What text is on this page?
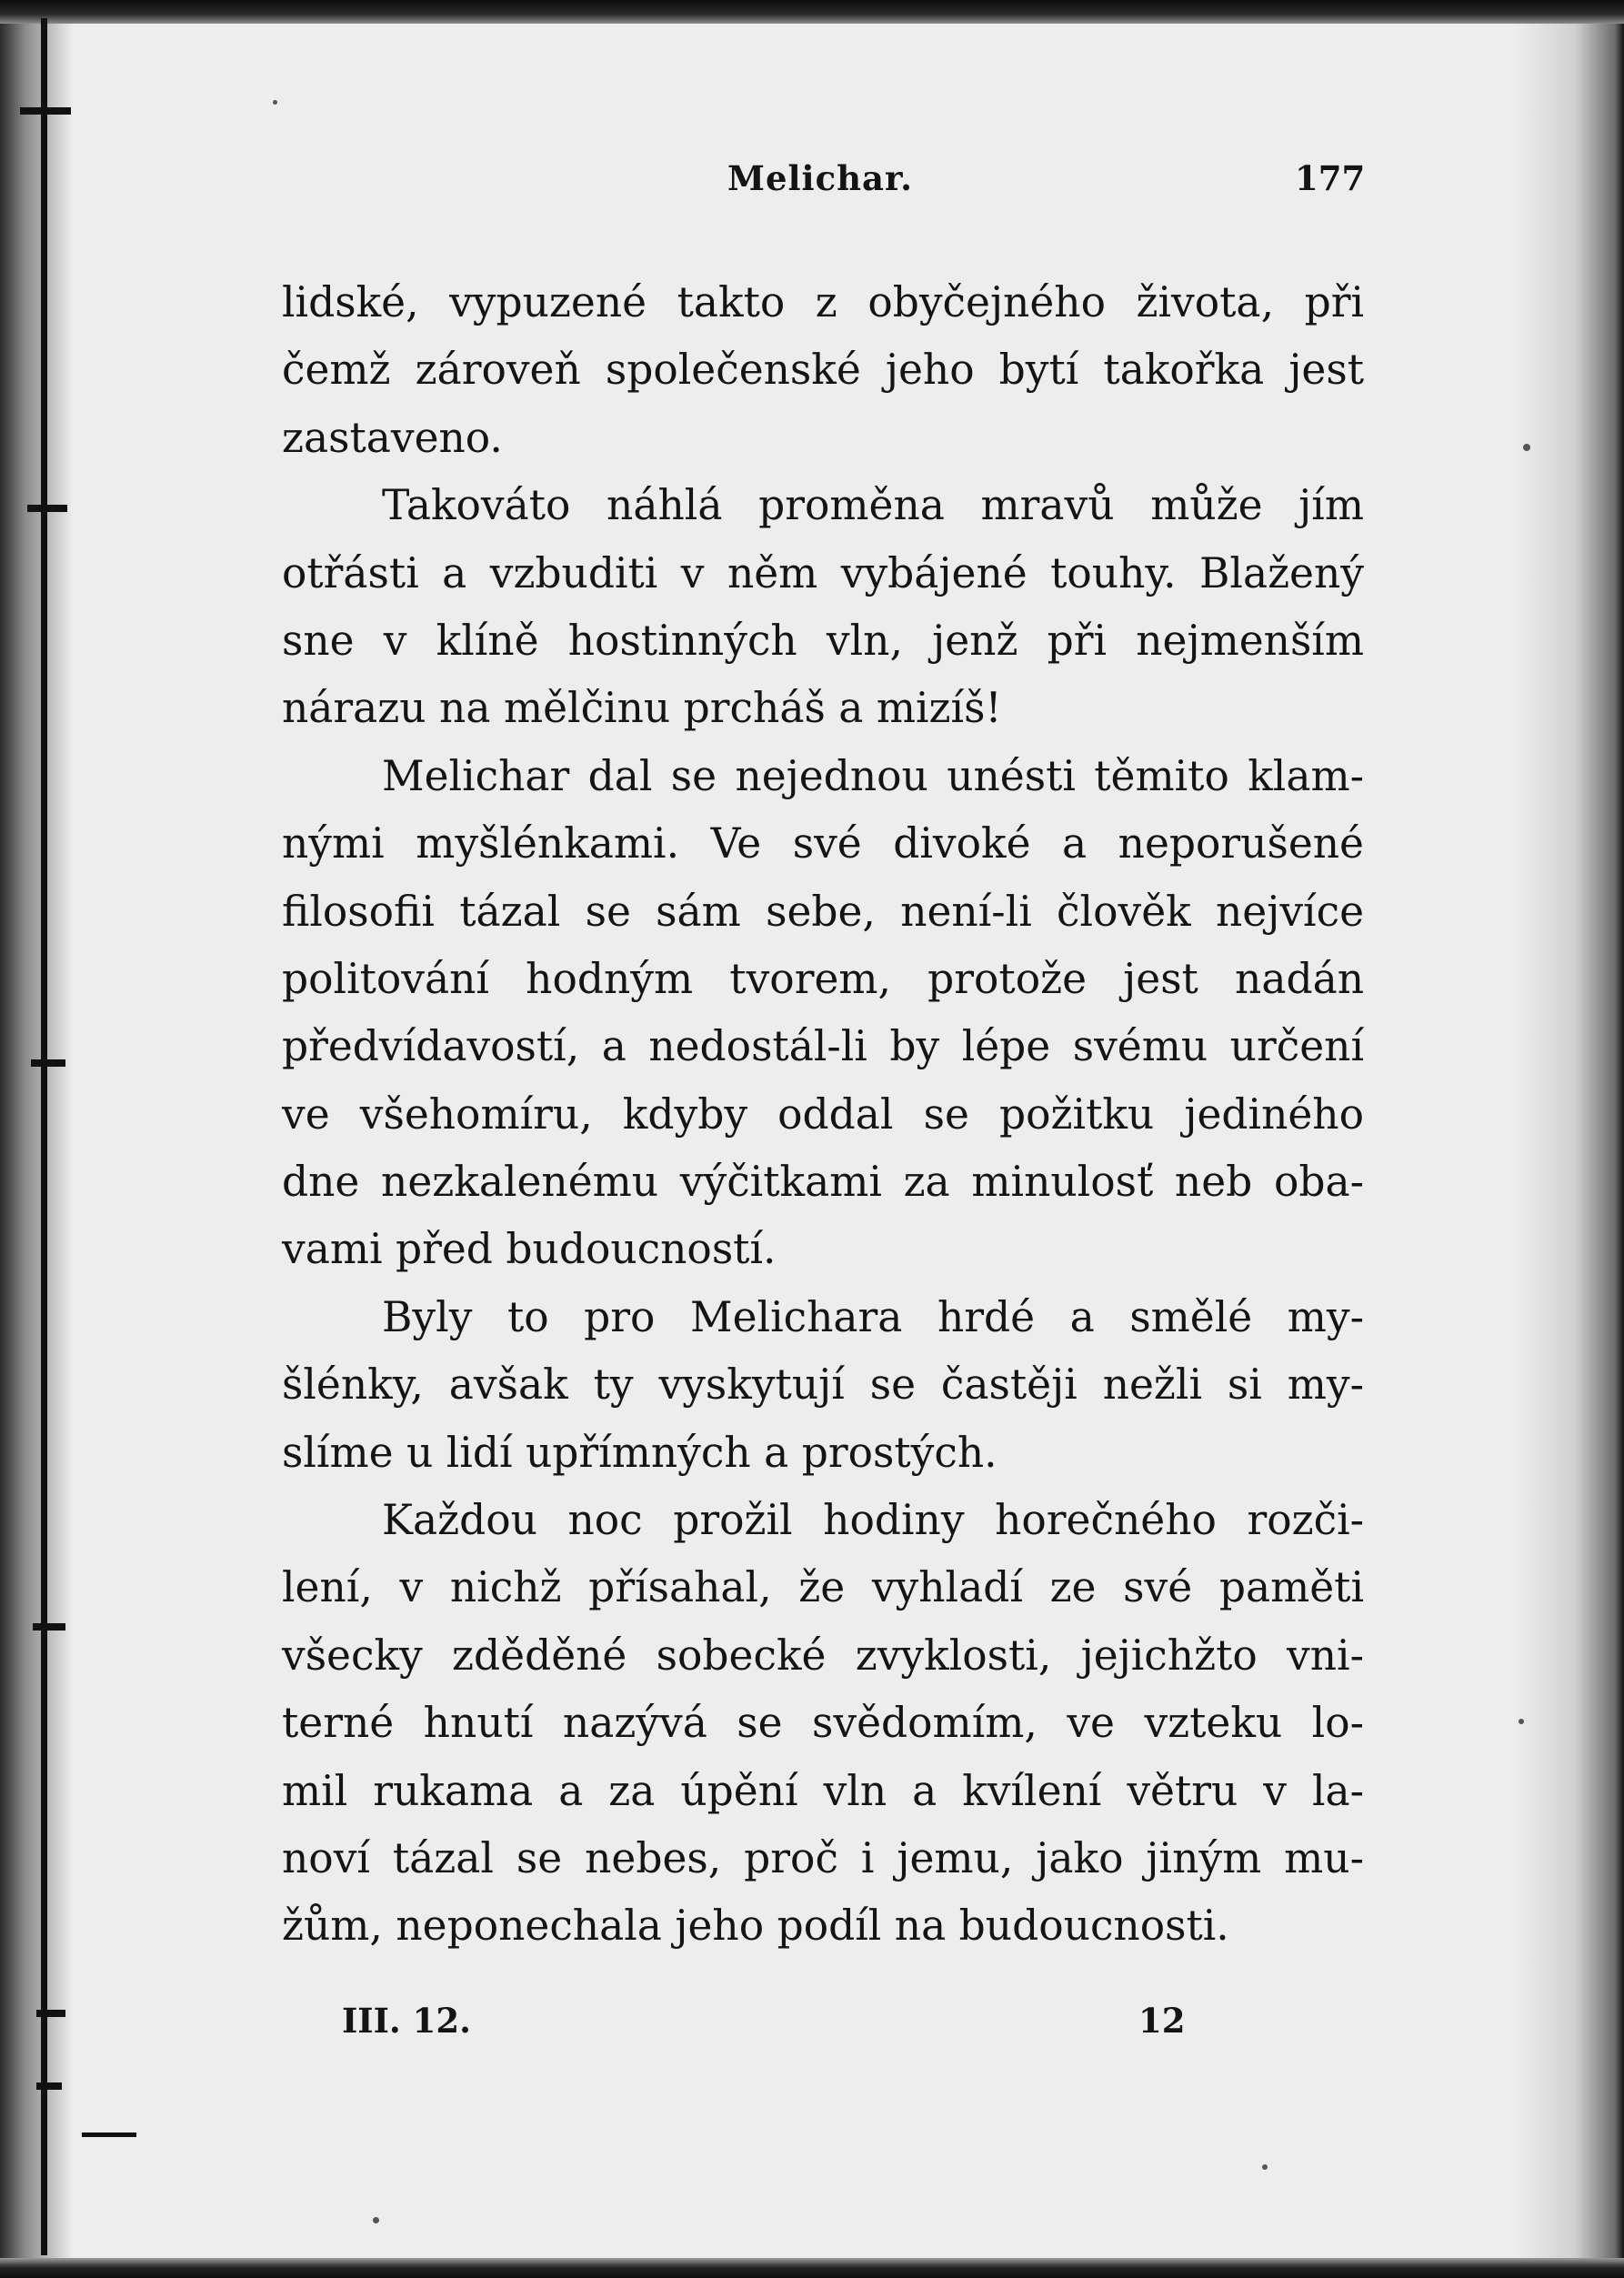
Melichar.	177
lidské, vypuzené takto z obyčejného života, při
čemž zároveň společenské jeho bytí takořka jest
zastaveno.
Takováto náhlá proměna mravů může jím
otřásti a vzbuditi v něm vybájené touhy. Blažený
sne v klíně hostinných vln, jenž při nejmenším
nárazu na mělčinu prcháš a mizíš!
Melichar dal se nejednou unésti těmito klam-
nými myšlénkami. Ve své divoké a neporušené
filosofii tázal se sám sebe, není-li člověk nejvíce
politování hodným tvorem, protože jest nadán
předvídavostí, a nedostál-li by lépe svému určení
ve všehomíru, kdyby oddal se požitku jediného
dne nezkalenému výčitkami za minulosť neb oba-
vami před budoucností.
Byly to pro Melichara hrdé a smělé my-
šlénky, avšak ty vyskytují se častěji nežli si my-
slíme u lidí upřímných a prostých.
Každou noc prožil hodiny horečného rozči-
lení, v nichž přísahal, že vyhladí ze své paměti
všecky zděděné sobecké zvyklosti, jejichžto vni-
terné hnutí nazývá se svědomím, ve vzteku lo-
mil rukama a za úpění vln a kvílení větru v la-
noví tázal se nebes, proč i jemu, jako jiným mu-
žům, neponechala jeho podíl na budoucnosti.
III. 12.	12
